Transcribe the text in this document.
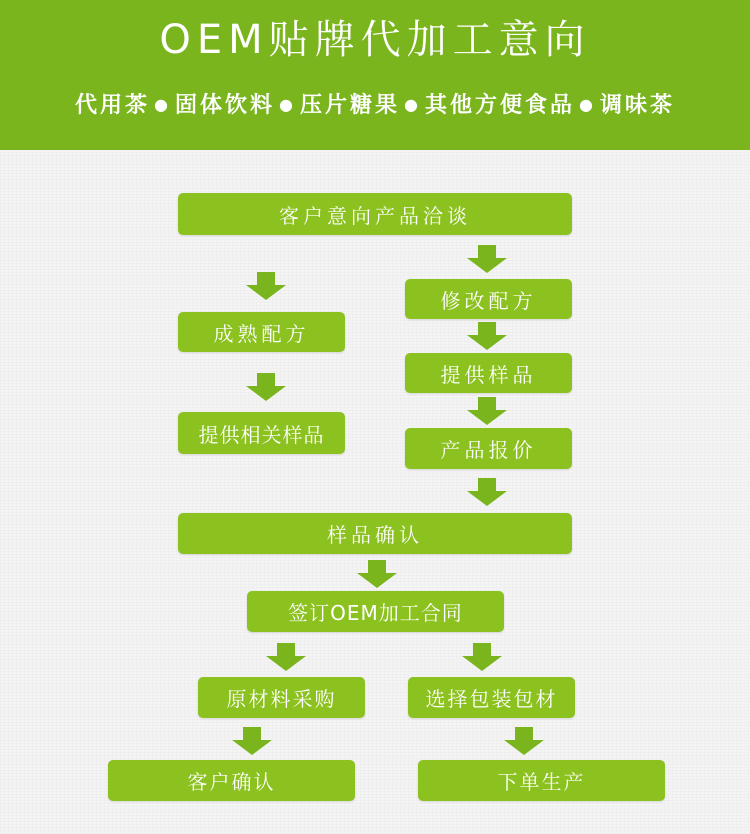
OEM贴牌代加工意向
代用茶 ● 固体饮料 ● 压片糖果 ● 其他方便食品 ● 调味茶
客户意向产品洽谈
成熟配方
提供相关样品
修改配方
提供样品
产品报价
样品确认
签订OEM加工合同
原材料采购	选择包装包材
客户确认	下单生产
